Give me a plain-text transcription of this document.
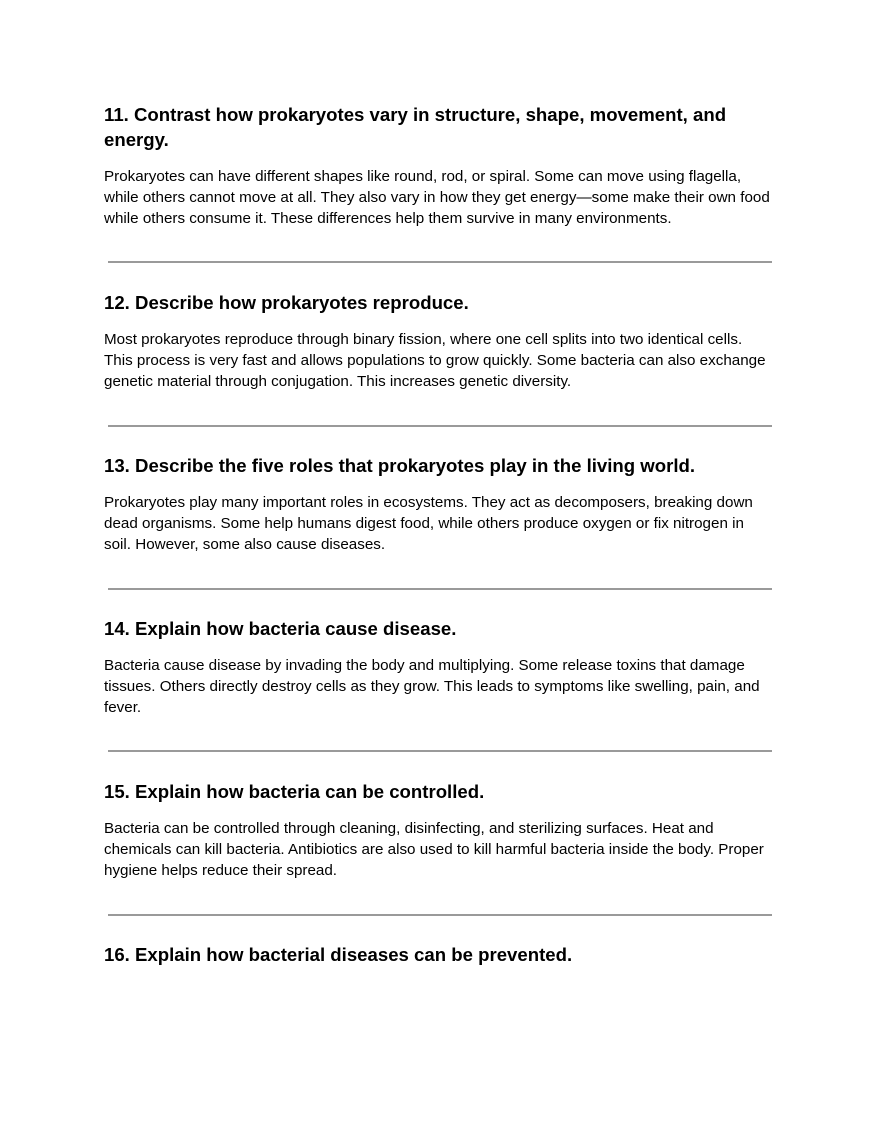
11. Contrast how prokaryotes vary in structure, shape, movement, and energy.

Prokaryotes can have different shapes like round, rod, or spiral. Some can move using flagella, while others cannot move at all. They also vary in how they get energy—some make their own food while others consume it. These differences help them survive in many environments.

12. Describe how prokaryotes reproduce.

Most prokaryotes reproduce through binary fission, where one cell splits into two identical cells. This process is very fast and allows populations to grow quickly. Some bacteria can also exchange genetic material through conjugation. This increases genetic diversity.

13. Describe the five roles that prokaryotes play in the living world.

Prokaryotes play many important roles in ecosystems. They act as decomposers, breaking down dead organisms. Some help humans digest food, while others produce oxygen or fix nitrogen in soil. However, some also cause diseases.

14. Explain how bacteria cause disease.

Bacteria cause disease by invading the body and multiplying. Some release toxins that damage tissues. Others directly destroy cells as they grow. This leads to symptoms like swelling, pain, and fever.

15. Explain how bacteria can be controlled.

Bacteria can be controlled through cleaning, disinfecting, and sterilizing surfaces. Heat and chemicals can kill bacteria. Antibiotics are also used to kill harmful bacteria inside the body. Proper hygiene helps reduce their spread.

16. Explain how bacterial diseases can be prevented.
